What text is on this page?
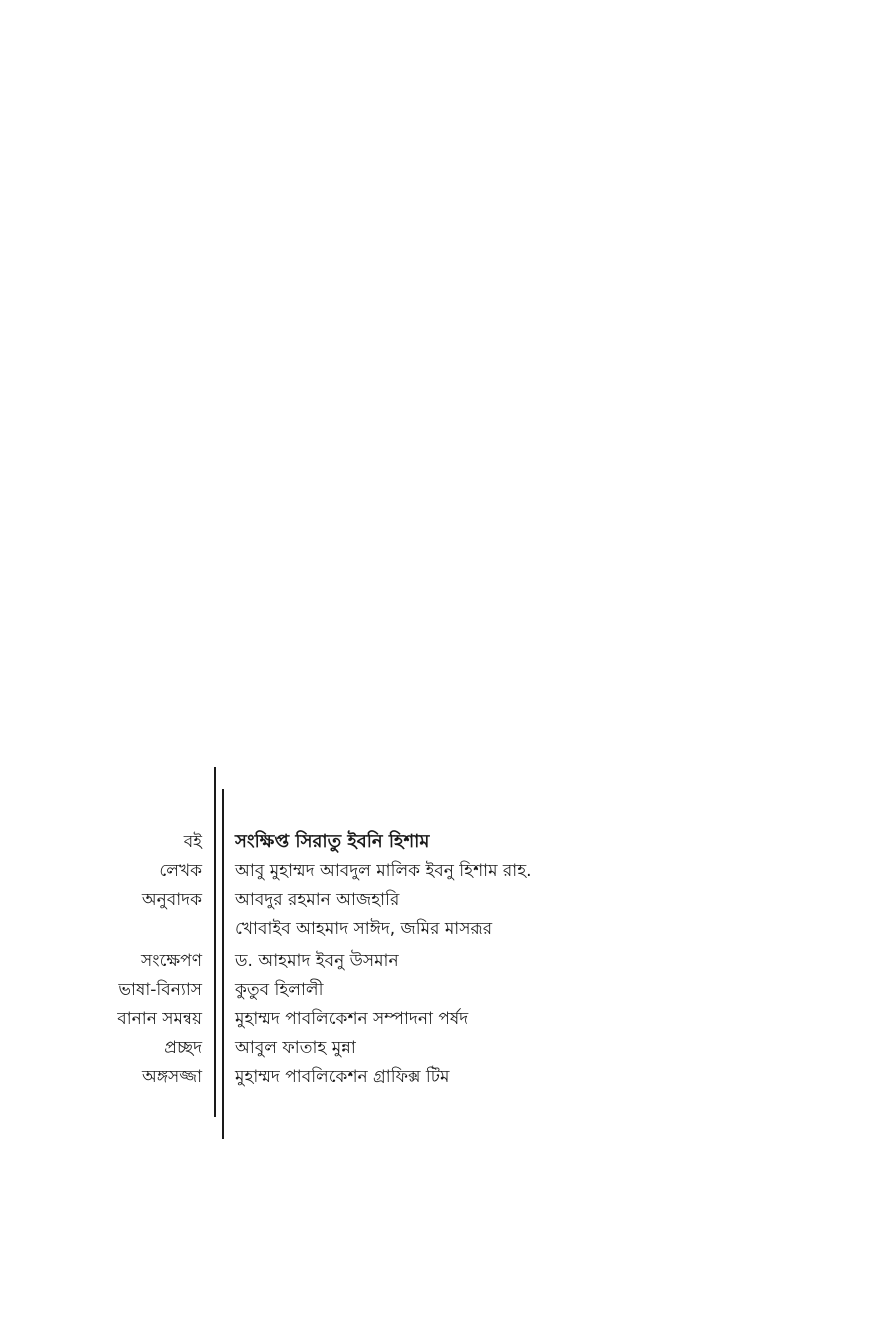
বই সংক্ষিপ্ত সিরাতু ইবনি হিশাম
লেখক আবু মুহাম্মদ আবদুল মালিক ইবনু হিশাম রাহ.
অনুবাদক আবদুর রহমান আজহারি
খোবাইব আহমাদ সাঈদ, জমির মাসরূর
সংক্ষেপণ ড. আহমাদ ইবনু উসমান
ভাষা-বিন্যাস কুতুব হিলালী
বানান সমন্বয় মুহাম্মদ পাবলিকেশন সম্পাদনা পর্ষদ
প্রচ্ছদ আবুল ফাতাহ মুন্না
অঙ্গসজ্জা মুহাম্মদ পাবলিকেশন গ্রাফিক্স টিম
